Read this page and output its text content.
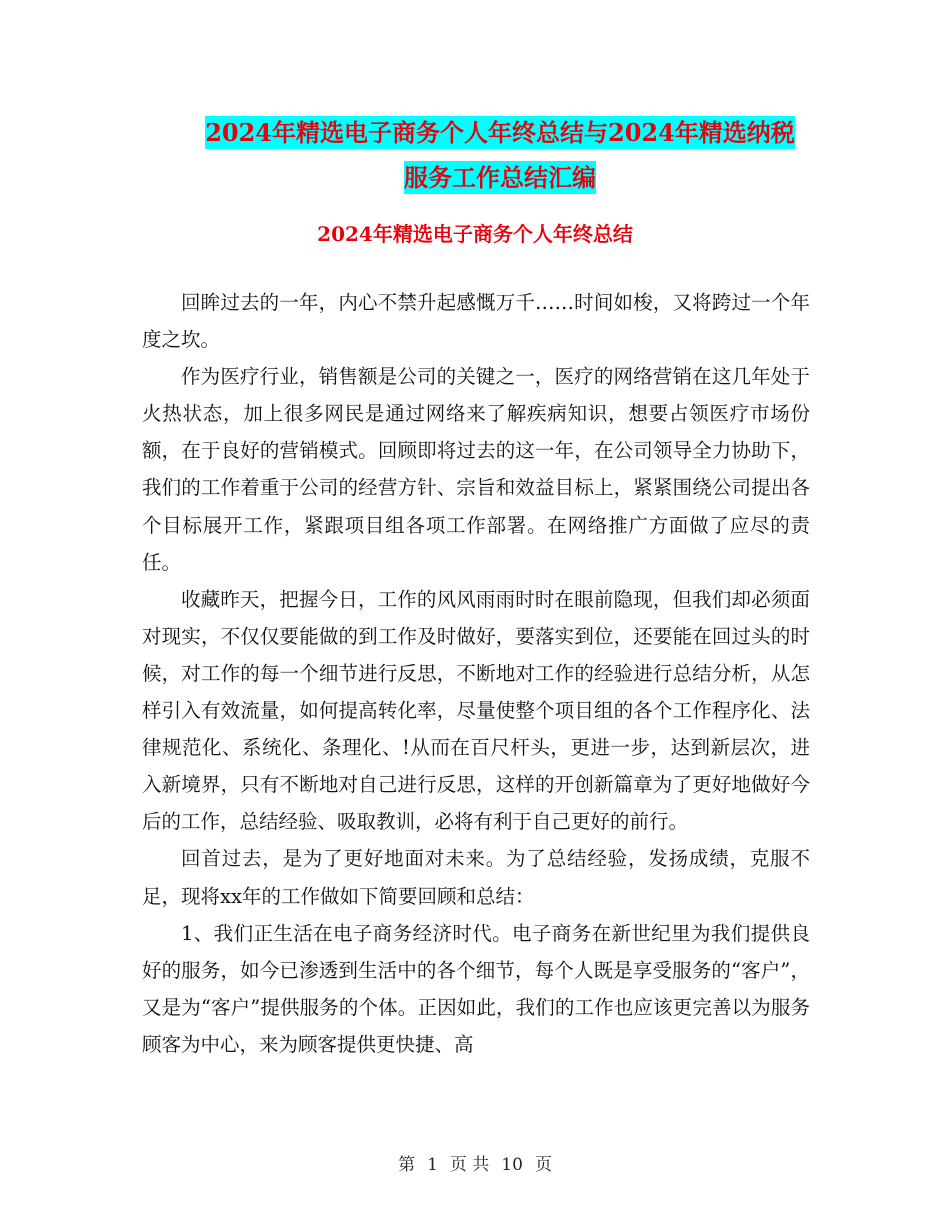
2024年精选电子商务个人年终总结与2024年精选纳税
服务工作总结汇编
2024年精选电子商务个人年终总结

回眸过去的一年，内心不禁升起感慨万千……时间如梭，又将跨过一个年度之坎。

作为医疗行业，销售额是公司的关键之一，医疗的网络营销在这几年处于火热状态，加上很多网民是通过网络来了解疾病知识，想要占领医疗市场份额，在于良好的营销模式。回顾即将过去的这一年，在公司领导全力协助下，我们的工作着重于公司的经营方针、宗旨和效益目标上，紧紧围绕公司提出各个目标展开工作，紧跟项目组各项工作部署。在网络推广方面做了应尽的责任。

收藏昨天，把握今日，工作的风风雨雨时时在眼前隐现，但我们却必须面对现实，不仅仅要能做的到工作及时做好，要落实到位，还要能在回过头的时候，对工作的每一个细节进行反思，不断地对工作的经验进行总结分析，从怎样引入有效流量，如何提高转化率，尽量使整个项目组的各个工作程序化、法律规范化、系统化、条理化、!从而在百尺杆头，更进一步，达到新层次，进入新境界，只有不断地对自己进行反思，这样的开创新篇章为了更好地做好今后的工作，总结经验、吸取教训，必将有利于自己更好的前行。

回首过去，是为了更好地面对未来。为了总结经验，发扬成绩，克服不足，现将xx年的工作做如下简要回顾和总结：

1、我们正生活在电子商务经济时代。电子商务在新世纪里为我们提供良好的服务，如今已渗透到生活中的各个细节，每个人既是享受服务的“客户”，又是为“客户”提供服务的个体。正因如此，我们的工作也应该更完善以为服务顾客为中心，来为顾客提供更快捷、高

第 1 页 共 10 页
